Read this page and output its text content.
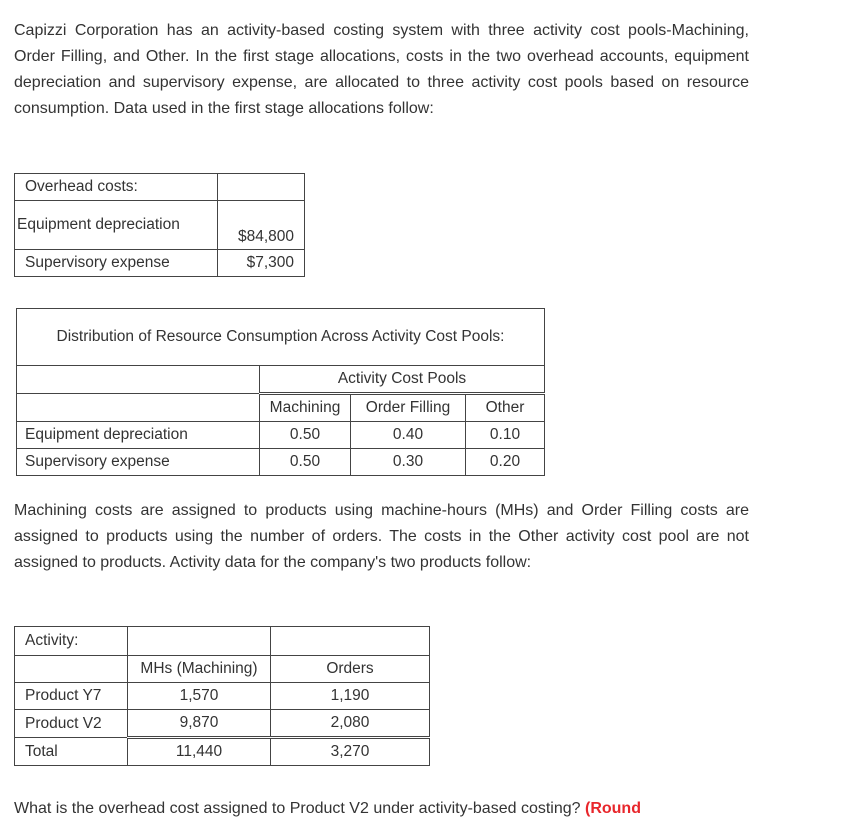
Capizzi Corporation has an activity-based costing system with three activity cost pools-Machining, Order Filling, and Other. In the first stage allocations, costs in the two overhead accounts, equipment depreciation and supervisory expense, are allocated to three activity cost pools based on resource consumption. Data used in the first stage allocations follow:

Overhead costs:	
Equipment depreciation	$84,800
Supervisory expense	$7,300
Distribution of Resource Consumption Across Activity Cost Pools:			
	Activity Cost Pools		
	Machining	Order Filling	Other
Equipment depreciation	0.50	0.40	0.10
Supervisory expense	0.50	0.30	0.20

Machining costs are assigned to products using machine-hours (MHs) and Order Filling costs are assigned to products using the number of orders. The costs in the Other activity cost pool are not assigned to products. Activity data for the company's two products follow:

Activity:		
	MHs (Machining)	Orders
Product Y7	1,570	1,190
Product V2	9,870	2,080
Total	11,440	3,270

What is the overhead cost assigned to Product V2 under activity-based costing? (Round
